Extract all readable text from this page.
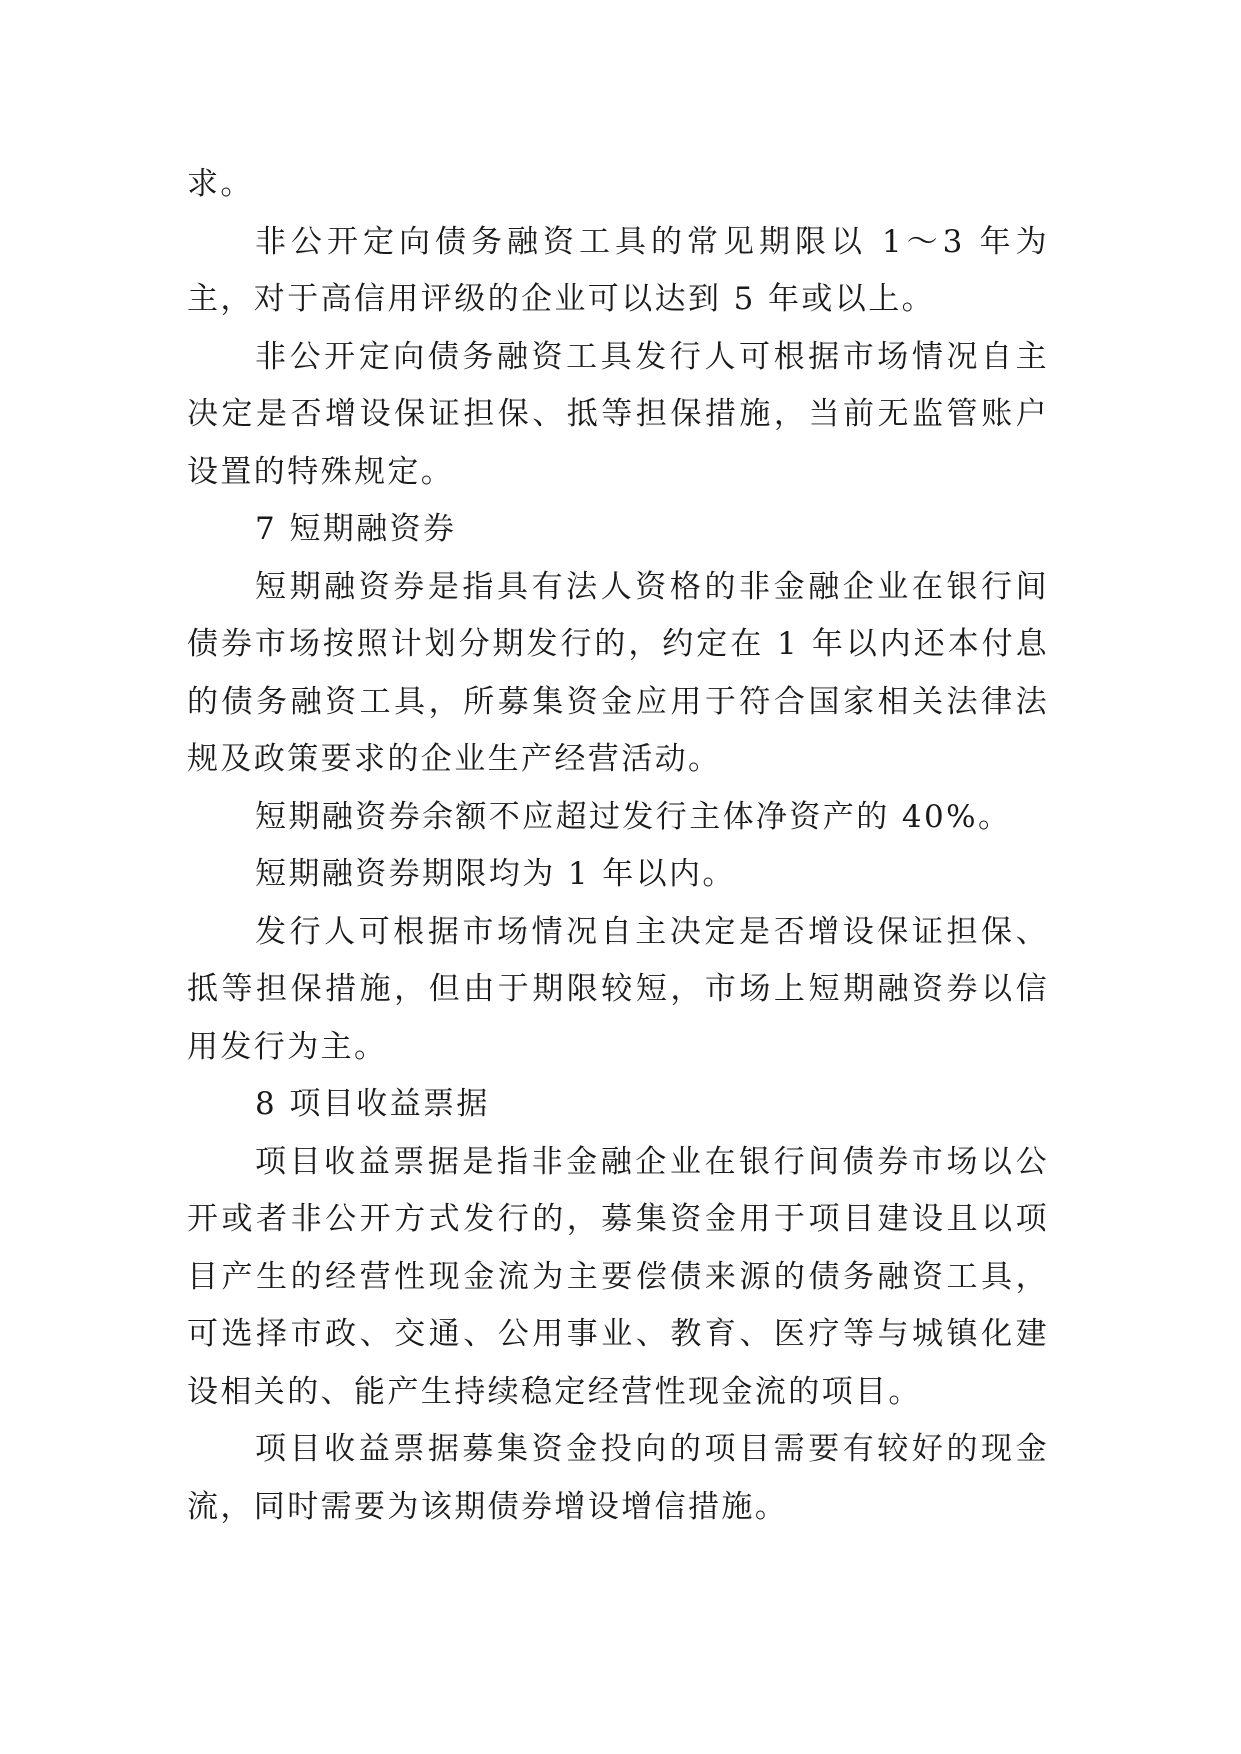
求。

非公开定向债务融资工具的常见期限以 1～3 年为主，对于高信用评级的企业可以达到 5 年或以上。

非公开定向债务融资工具发行人可根据市场情况自主决定是否增设保证担保、抵等担保措施，当前无监管账户设置的特殊规定。

7 短期融资券

短期融资券是指具有法人资格的非金融企业在银行间债券市场按照计划分期发行的，约定在 1 年以内还本付息的债务融资工具，所募集资金应用于符合国家相关法律法规及政策要求的企业生产经营活动。

短期融资券余额不应超过发行主体净资产的 40%。

短期融资券期限均为 1 年以内。

发行人可根据市场情况自主决定是否增设保证担保、抵等担保措施，但由于期限较短，市场上短期融资券以信用发行为主。

8 项目收益票据

项目收益票据是指非金融企业在银行间债券市场以公开或者非公开方式发行的，募集资金用于项目建设且以项目产生的经营性现金流为主要偿债来源的债务融资工具，可选择市政、交通、公用事业、教育、医疗等与城镇化建设相关的、能产生持续稳定经营性现金流的项目。

项目收益票据募集资金投向的项目需要有较好的现金流，同时需要为该期债券增设增信措施。
